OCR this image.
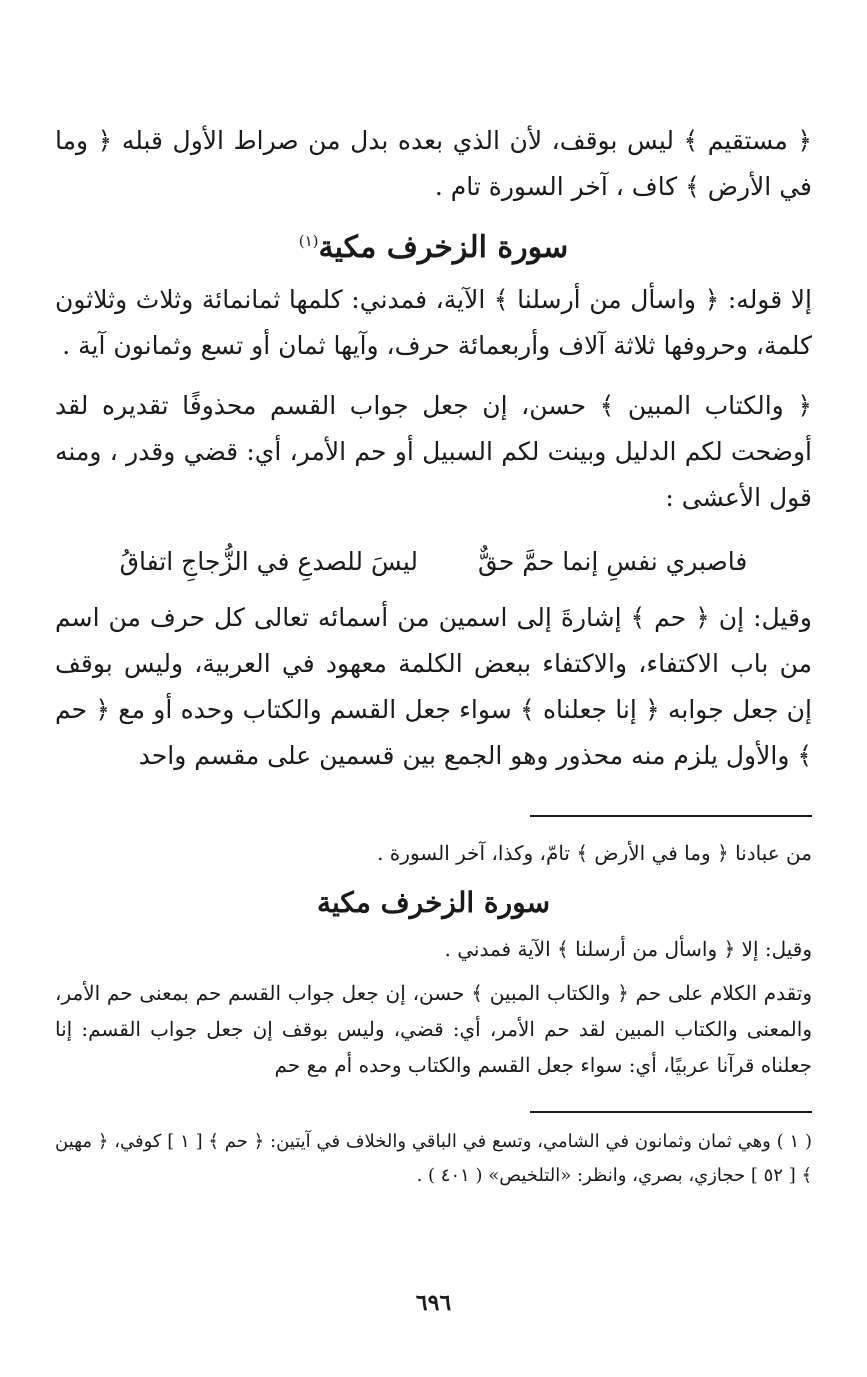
﴿ مستقيم ﴾ ليس بوقف، لأن الذي بعده بدل من صراط الأول قبله ﴿ وما في الأرض ﴾ كاف ، آخر السورة تام .

سورة الزخرف مكية$^{(١)}$

إلا قوله: ﴿ واسأل من أرسلنا ﴾ الآية، فمدني: كلمها ثمانمائة وثلاث وثلاثون كلمة، وحروفها ثلاثة آلاف وأربعمائة حرف، وآيها ثمان أو تسع وثمانون آية .

﴿ والكتاب المبين ﴾ حسن، إن جعل جواب القسم محذوفًا تقديره لقد أوضحت لكم الدليل وبينت لكم السبيل أو حم الأمر، أي: قضي وقدر ، ومنه قول الأعشى :

فاصبري نفسِ إنما حمَّ حقٌّ
ليسَ للصدعِ في الزُّجاجِ اتفاقُ

وقيل: إن ﴿ حم ﴾ إشارةَ إلى اسمين من أسمائه تعالى كل حرف من اسم من باب الاكتفاء، والاكتفاء ببعض الكلمة معهود في العربية، وليس بوقف إن جعل جوابه ﴿ إنا جعلناه ﴾ سواء جعل القسم والكتاب وحده أو مع ﴿ حم ﴾ والأول يلزم منه محذور وهو الجمع بين قسمين على مقسم واحد

من عبادنا ﴿ وما في الأرض ﴾ تامّ، وكذا، آخر السورة .

سورة الزخرف مكية

وقيل: إلا ﴿ واسأل من أرسلنا ﴾ الآية فمدني .

وتقدم الكلام على حم ﴿ والكتاب المبين ﴾ حسن، إن جعل جواب القسم حم بمعنى حم الأمر، والمعنى والكتاب المبين لقد حم الأمر، أي: قضي، وليس بوقف إن جعل جواب القسم: إنا جعلناه قرآنا عربيًا، أي: سواء جعل القسم والكتاب وحده أم مع حم

( ١ ) وهي ثمان وثمانون في الشامي، وتسع في الباقي والخلاف في آيتين: ﴿ حم ﴾ [ ١ ] كوفي، ﴿ مهين ﴾ [ ٥٢ ] حجازي، بصري، وانظر: «التلخيص» ( ٤٠١ ) .

٦٩٦
